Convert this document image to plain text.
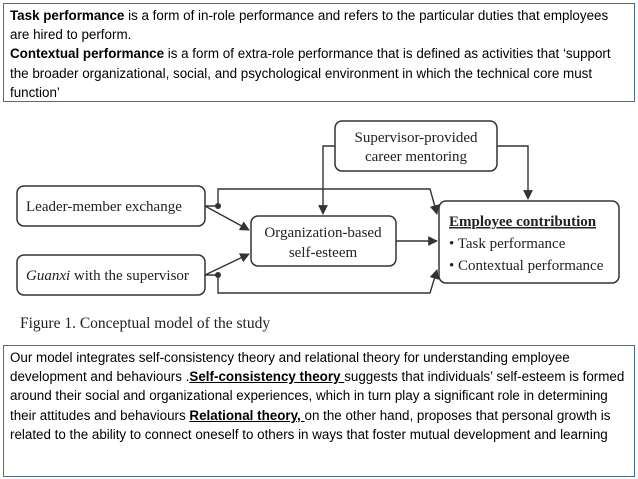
Task performance is a form of in-role performance and refers to the particular duties that employees are hired to perform.
Contextual performance is a form of extra-role performance that is defined as activities that ‘support the broader organizational, social, and psychological environment in which the technical core must function’
Supervisor-provided
career mentoring
Leader-member exchange
Guanxi with the supervisor
Organization-based
self-esteem
Employee contribution
• Task performance
• Contextual performance
Figure 1. Conceptual model of the study
Our model integrates self-consistency theory and relational theory for understanding employee development and behaviours .Self-consistency theory suggests that individuals’ self-esteem is formed around their social and organizational experiences, which in turn play a significant role in determining their attitudes and behaviours Relational theory, on the other hand, proposes that personal growth is related to the ability to connect oneself to others in ways that foster mutual development and learning
